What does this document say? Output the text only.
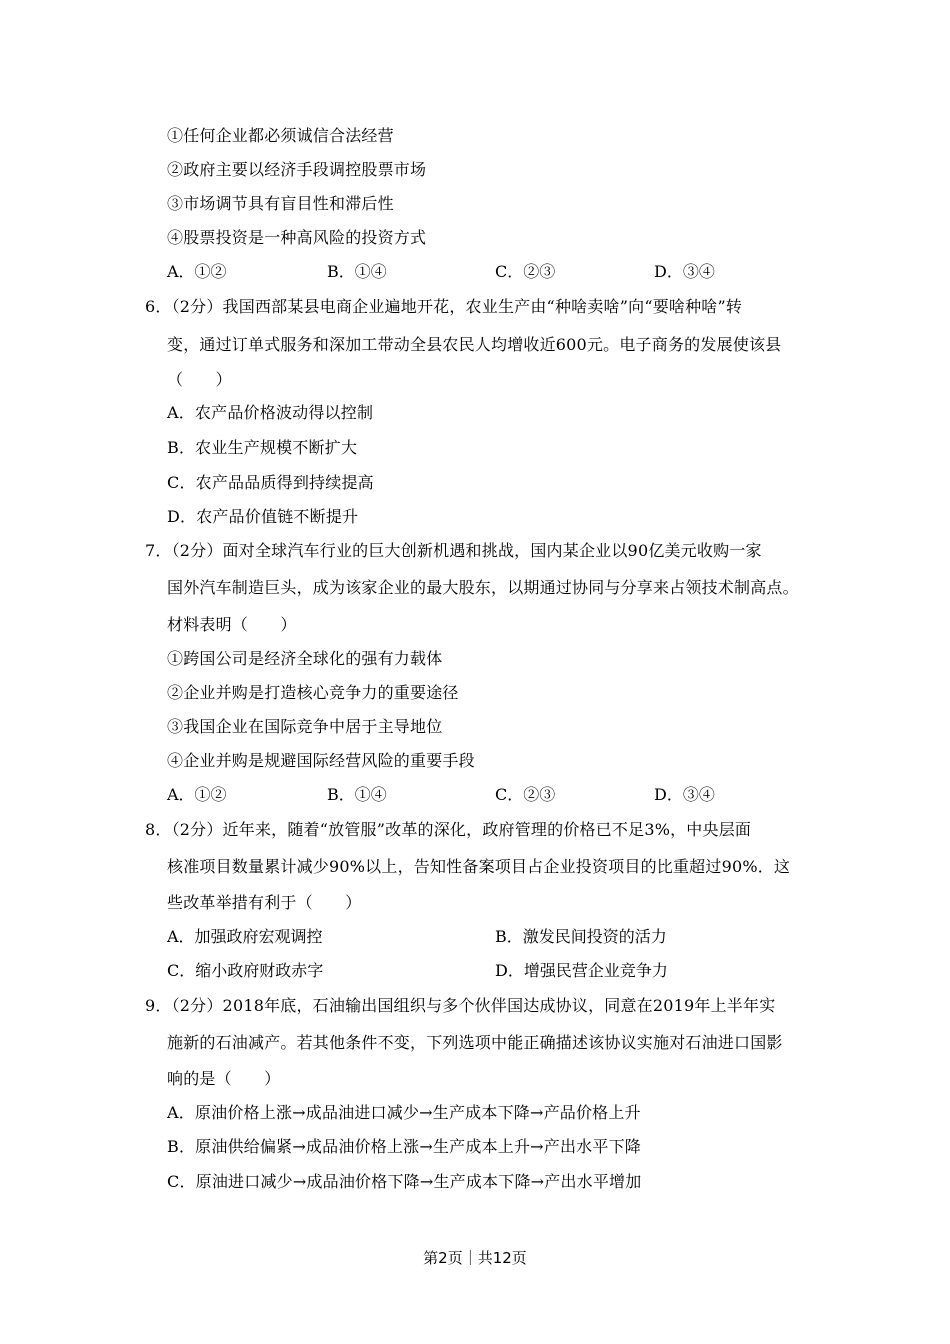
①任何企业都必须诚信合法经营
②政府主要以经济手段调控股票市场
③市场调节具有盲目性和滞后性
④股票投资是一种高风险的投资方式
A．①②	B．①④	C．②③	D．③④
6．（2分）我国西部某县电商企业遍地开花，农业生产由“种啥卖啥”向“要啥种啥”转
变，通过订单式服务和深加工带动全县农民人均增收近600元。电子商务的发展使该县
（　　）
A．农产品价格波动得以控制
B．农业生产规模不断扩大
C．农产品品质得到持续提高
D．农产品价值链不断提升
7．（2分）面对全球汽车行业的巨大创新机遇和挑战，国内某企业以90亿美元收购一家
国外汽车制造巨头，成为该家企业的最大股东，以期通过协同与分享来占领技术制高点。
材料表明（　　）
①跨国公司是经济全球化的强有力载体
②企业并购是打造核心竞争力的重要途径
③我国企业在国际竞争中居于主导地位
④企业并购是规避国际经营风险的重要手段
A．①②	B．①④	C．②③	D．③④
8．（2分）近年来，随着“放管服”改革的深化，政府管理的价格已不足3%，中央层面
核准项目数量累计减少90%以上，告知性备案项目占企业投资项目的比重超过90%．这
些改革举措有利于（　　）
A．加强政府宏观调控	B．激发民间投资的活力
C．缩小政府财政赤字	D．增强民营企业竞争力
9．（2分）2018年底，石油输出国组织与多个伙伴国达成协议，同意在2019年上半年实
施新的石油减产。若其他条件不变，下列选项中能正确描述该协议实施对石油进口国影
响的是（　　）
A．原油价格上涨→成品油进口减少→生产成本下降→产品价格上升
B．原油供给偏紧→成品油价格上涨→生产成本上升→产出水平下降
C．原油进口减少→成品油价格下降→生产成本下降→产出水平增加
第2页｜共12页
